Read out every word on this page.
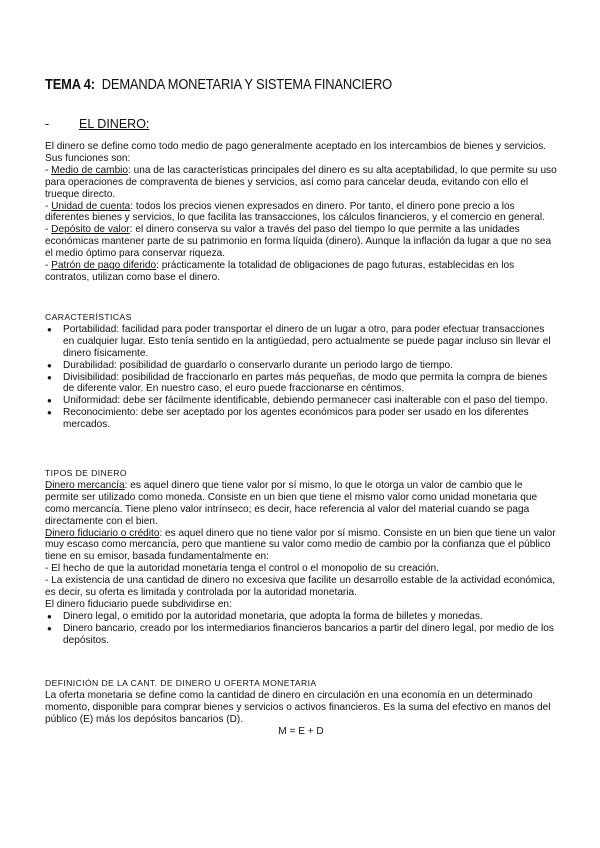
TEMA 4: DEMANDA MONETARIA Y SISTEMA FINANCIERO
- EL DINERO:

El dinero se define como todo medio de pago generalmente aceptado en los intercambios de bienes y servicios. Sus funciones son:

- Medio de cambio: una de las características principales del dinero es su alta aceptabilidad, lo que permite su uso para operaciones de compraventa de bienes y servicios, así como para cancelar deuda, evitando con ello el trueque directo.

- Unidad de cuenta: todos los precios vienen expresados en dinero. Por tanto, el dinero pone precio a los diferentes bienes y servicios, lo que facilita las transacciones, los cálculos financieros, y el comercio en general.

- Depósito de valor: el dinero conserva su valor a través del paso del tiempo lo que permite a las unidades económicas mantener parte de su patrimonio en forma líquida (dinero). Aunque la inflación da lugar a que no sea el medio óptimo para conservar riqueza.

- Patrón de pago diferido: prácticamente la totalidad de obligaciones de pago futuras, establecidas en los contratos, utilizan como base el dinero.

CARACTERÍSTICAS

● Portabilidad: facilidad para poder transportar el dinero de un lugar a otro, para poder efectuar transacciones en cualquier lugar. Esto tenía sentido en la antigüedad, pero actualmente se puede pagar incluso sin llevar el dinero físicamente.
● Durabilidad: posibilidad de guardarlo o conservarlo durante un periodo largo de tiempo.
● Divisibilidad: posibilidad de fraccionarlo en partes más pequeñas, de modo que permita la compra de bienes de diferente valor. En nuestro caso, el euro puede fraccionarse en céntimos.
● Uniformidad: debe ser fácilmente identificable, debiendo permanecer casi inalterable con el paso del tiempo.
● Reconocimiento: debe ser aceptado por los agentes económicos para poder ser usado en los diferentes mercados.

TIPOS DE DINERO

Dinero mercancía: es aquel dinero que tiene valor por sí mismo, lo que le otorga un valor de cambio que le permite ser utilizado como moneda. Consiste en un bien que tiene el mismo valor como unidad monetaria que como mercancía. Tiene pleno valor intrínseco; es decir, hace referencia al valor del material cuando se paga directamente con el bien.

Dinero fiduciario o crédito: es aquel dinero que no tiene valor por sí mismo. Consiste en un bien que tiene un valor muy escaso como mercancía, pero que mantiene su valor como medio de cambio por la confianza que el público tiene en su emisor, basada fundamentalmente en:

- El hecho de que la autoridad monetaria tenga el control o el monopolio de su creación.

- La existencia de una cantidad de dinero no excesiva que facilite un desarrollo estable de la actividad económica, es decir, su oferta es limitada y controlada por la autoridad monetaria.

El dinero fiduciario puede subdividirse en:

● Dinero legal, o emitido por la autoridad monetaria, que adopta la forma de billetes y monedas.
● Dinero bancario, creado por los intermediarios financieros bancarios a partir del dinero legal, por medio de los depósitos.

DEFINICIÓN DE LA CANT. DE DINERO U OFERTA MONETARIA

La oferta monetaria se define como la cantidad de dinero en circulación en una economía en un determinado momento, disponible para comprar bienes y servicios o activos financieros. Es la suma del efectivo en manos del público (E) más los depósitos bancarios (D).

M = E + D
